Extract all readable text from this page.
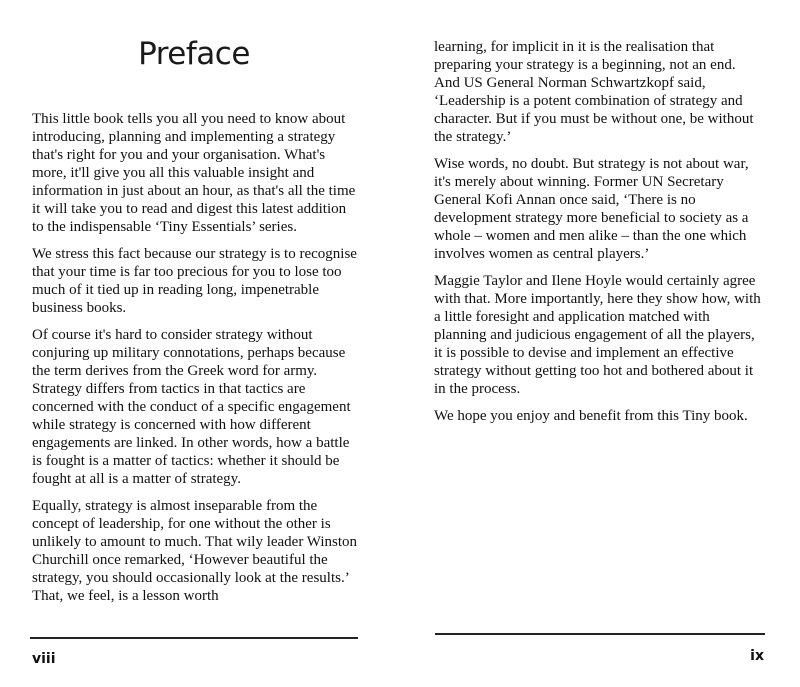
Preface

This little book tells you all you need to know about introducing, planning and implementing a strategy that's right for you and your organisation. What's more, it'll give you all this valuable insight and information in just about an hour, as that's all the time it will take you to read and digest this latest addition to the indispensable ‘Tiny Essentials’ series.

We stress this fact because our strategy is to recognise that your time is far too precious for you to lose too much of it tied up in reading long, impenetrable business books.

Of course it's hard to consider strategy without conjuring up military connotations, perhaps because the term derives from the Greek word for army. Strategy differs from tactics in that tactics are concerned with the conduct of a specific engagement while strategy is concerned with how different engagements are linked. In other words, how a battle is fought is a matter of tactics: whether it should be fought at all is a matter of strategy.

Equally, strategy is almost inseparable from the concept of leadership, for one without the other is unlikely to amount to much. That wily leader Winston Churchill once remarked, ‘However beautiful the strategy, you should occasionally look at the results.’ That, we feel, is a lesson worth

viii

learning, for implicit in it is the realisation that preparing your strategy is a beginning, not an end. And US General Norman Schwartzkopf said, ‘Leadership is a potent combination of strategy and character. But if you must be without one, be without the strategy.’

Wise words, no doubt. But strategy is not about war, it's merely about winning. Former UN Secretary General Kofi Annan once said, ‘There is no development strategy more beneficial to society as a whole – women and men alike – than the one which involves women as central players.’

Maggie Taylor and Ilene Hoyle would certainly agree with that. More importantly, here they show how, with a little foresight and application matched with planning and judicious engagement of all the players, it is possible to devise and implement an effective strategy without getting too hot and bothered about it in the process.

We hope you enjoy and benefit from this Tiny book.

ix
